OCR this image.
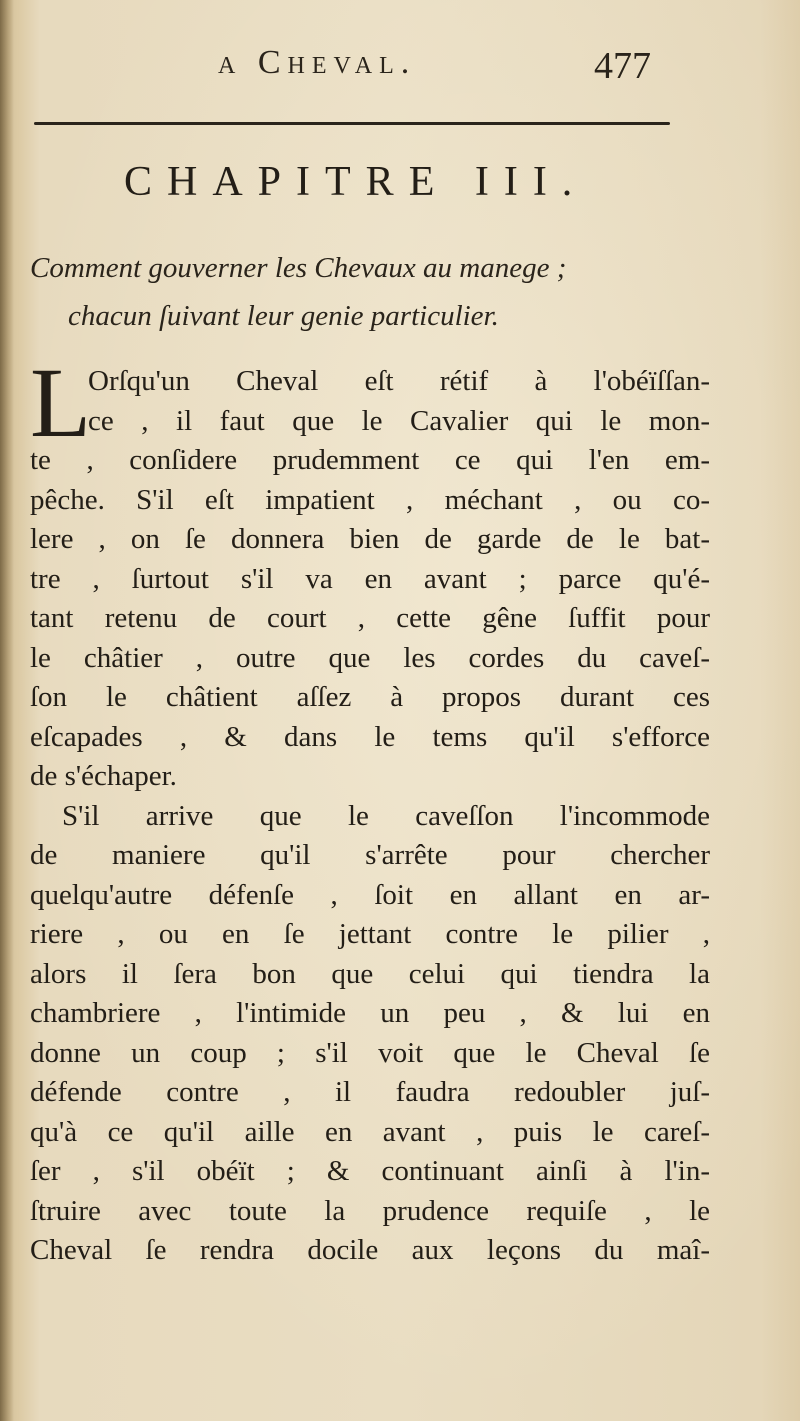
a Cheval.	477
CHAPITRE III.
Comment gouverner les Chevaux au manege ;
chacun ſuivant leur genie particulier.
L
Orſqu'un Cheval eſt rétif à l'obéïſſan-
ce , il faut que le Cavalier qui le mon-
te , conſidere prudemment ce qui l'en em-
pêche. S'il eſt impatient , méchant , ou co-
lere , on ſe donnera bien de garde de le bat-
tre , ſurtout s'il va en avant ; parce qu'é-
tant retenu de court , cette gêne ſuffit pour
le châtier , outre que les cordes du caveſ-
ſon le châtient aſſez à propos durant ces
eſcapades , & dans le tems qu'il s'efforce
de s'échaper.
S'il arrive que le caveſſon l'incommode
de maniere qu'il s'arrête pour chercher
quelqu'autre défenſe , ſoit en allant en ar-
riere , ou en ſe jettant contre le pilier ,
alors il ſera bon que celui qui tiendra la
chambriere , l'intimide un peu , & lui en
donne un coup ; s'il voit que le Cheval ſe
défende contre , il faudra redoubler juſ-
qu'à ce qu'il aille en avant , puis le careſ-
ſer , s'il obéït ; & continuant ainſi à l'in-
ſtruire avec toute la prudence requiſe , le
Cheval ſe rendra docile aux leçons du maî-
